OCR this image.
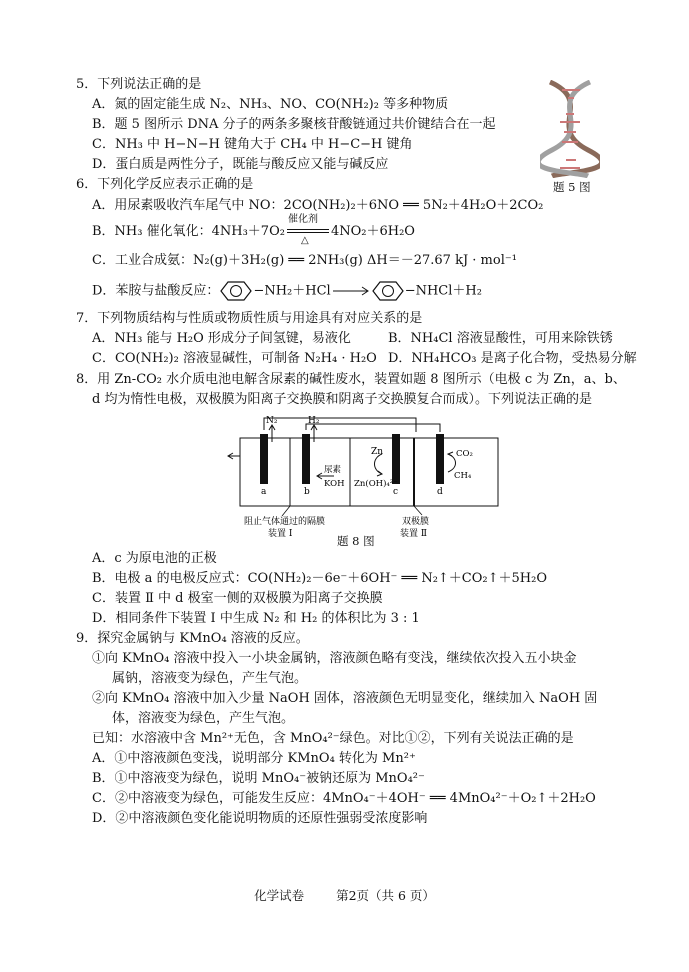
5．下列说法正确的是
A．氮的固定能生成 N₂、NH₃、NO、CO(NH₂)₂ 等多种物质
B．题 5 图所示 DNA 分子的两条多聚核苷酸链通过共价键结合在一起
C．NH₃ 中 H−N−H 键角大于 CH₄ 中 H−C−H 键角
D．蛋白质是两性分子，既能与酸反应又能与碱反应
题 5 图
6．下列化学反应表示正确的是
A．用尿素吸收汽车尾气中 NO：2CO(NH₂)₂＋6NO ══ 5N₂＋4H₂O＋2CO₂
B．NH₃ 催化氧化：4NH₃＋7O₂
催化剂
△
4NO₂＋6H₂O
C．工业合成氨：N₂(g)＋3H₂(g) ══ 2NH₃(g) ΔH＝－27.67 kJ · mol⁻¹
D．苯胺与盐酸反应：	−NH₂＋HCl→	−NHCl＋H₂
7．下列物质结构与性质或物质性质与用途具有对应关系的是
A．NH₃ 能与 H₂O 形成分子间氢键，易液化	B．NH₄Cl 溶液显酸性，可用来除铁锈
C．CO(NH₂)₂ 溶液显碱性，可制备 N₂H₄ · H₂O D．NH₄HCO₃ 是离子化合物，受热易分解
8．用 Zn-CO₂ 水介质电池电解含尿素的碱性废水，装置如题 8 图所示（电极 c 为 Zn，a、b、
d 均为惰性电极，双极膜为阳离子交换膜和阴离子交换膜复合而成）。下列说法正确的是
N₂	H₂
Zn
Zn(OH)₄²⁻
CO₂
CH₄
a	b	c	d
尿素
KOH
阻止气体通过的隔膜
装置 Ⅰ
双极膜
装置 Ⅱ
题 8 图
A．c 为原电池的正极
B．电极 a 的电极反应式：CO(NH₂)₂－6e⁻＋6OH⁻ ══ N₂↑＋CO₂↑＋5H₂O
C．装置 Ⅱ 中 d 极室一侧的双极膜为阳离子交换膜
D．相同条件下装置 Ⅰ 中生成 N₂ 和 H₂ 的体积比为 3 : 1
9．探究金属钠与 KMnO₄ 溶液的反应。
①向 KMnO₄ 溶液中投入一小块金属钠，溶液颜色略有变浅，继续依次投入五小块金
属钠，溶液变为绿色，产生气泡。
②向 KMnO₄ 溶液中加入少量 NaOH 固体，溶液颜色无明显变化，继续加入 NaOH 固
体，溶液变为绿色，产生气泡。
已知：水溶液中含 Mn²⁺无色，含 MnO₄²⁻绿色。对比①②，下列有关说法正确的是
A．①中溶液颜色变浅，说明部分 KMnO₄ 转化为 Mn²⁺
B．①中溶液变为绿色，说明 MnO₄⁻被钠还原为 MnO₄²⁻
C．②中溶液变为绿色，可能发生反应：4MnO₄⁻＋4OH⁻ ══ 4MnO₄²⁻＋O₂↑＋2H₂O
D．②中溶液颜色变化能说明物质的还原性强弱受浓度影响
化学试卷	第2页（共 6 页）
